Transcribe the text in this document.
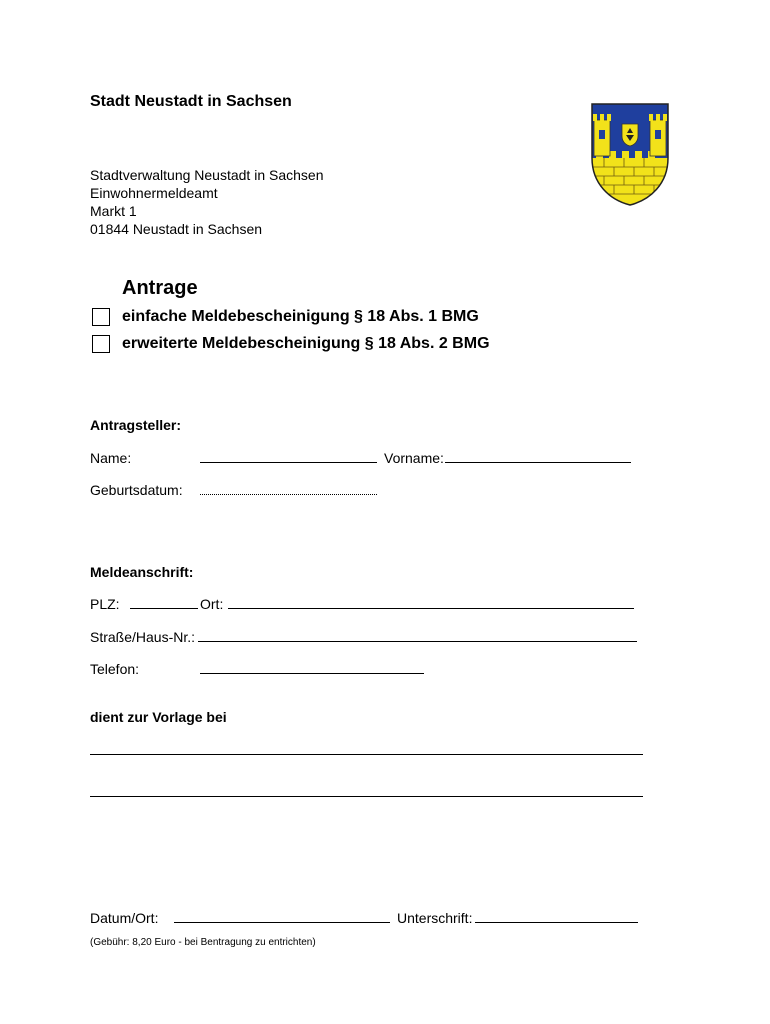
Stadt Neustadt in Sachsen
Stadtverwaltung Neustadt in Sachsen
Einwohnermeldeamt
Markt 1
01844 Neustadt in Sachsen
Antrage
einfache Meldebescheinigung § 18 Abs. 1 BMG
erweiterte Meldebescheinigung § 18 Abs. 2 BMG
Antragsteller:
Name:	Vorname:
Geburtsdatum:
Meldeanschrift:
PLZ:	Ort:
Straße/Haus-Nr.:
Telefon:
dient zur Vorlage bei
Datum/Ort:	Unterschrift:
(Gebühr: 8,20 Euro - bei Bentragung zu entrichten)
